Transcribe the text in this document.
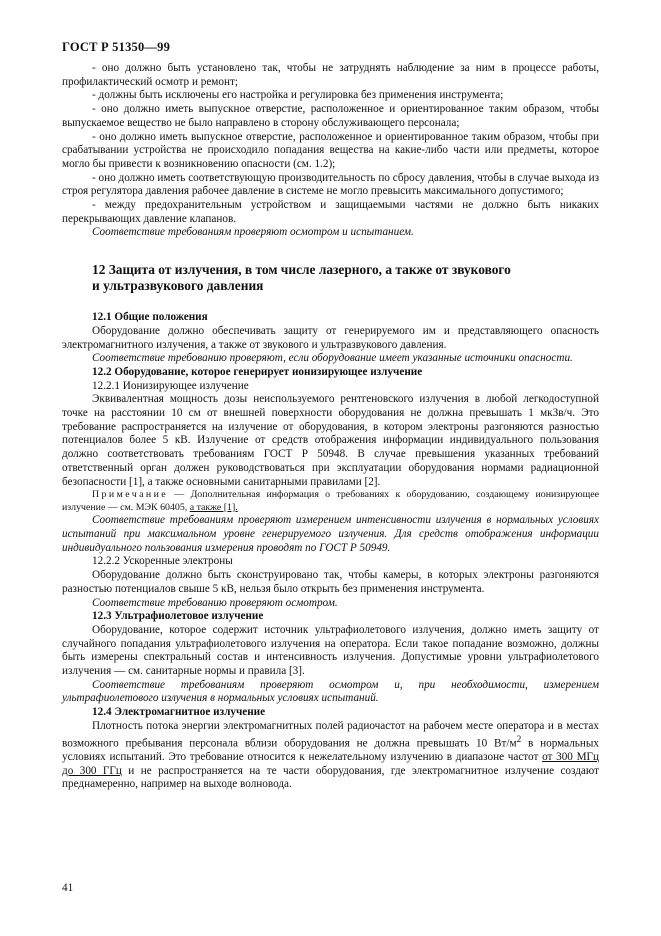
ГОСТ Р 51350—99

- оно должно быть установлено так, чтобы не затруднять наблюдение за ним в процессе работы, профилактический осмотр и ремонт;

- должны быть исключены его настройка и регулировка без применения инструмента;

- оно должно иметь выпускное отверстие, расположенное и ориентированное таким образом, чтобы выпускаемое вещество не было направлено в сторону обслуживающего персонала;

- оно должно иметь выпускное отверстие, расположенное и ориентированное таким образом, чтобы при срабатывании устройства не происходило попадания вещества на какие-либо части или предметы, которое могло бы привести к возникновению опасности (см. 1.2);

- оно должно иметь соответствующую производительность по сбросу давления, чтобы в случае выхода из строя регулятора давления рабочее давление в системе не могло превысить максимального допустимого;

- между предохранительным устройством и защищаемыми частями не должно быть никаких перекрывающих давление клапанов.

Соответствие требованиям проверяют осмотром и испытанием.

12 Защита от излучения, в том числе лазерного, а также от звукового
и ультразвукового давления

12.1 Общие положения

Оборудование должно обеспечивать защиту от генерируемого им и представляющего опасность электромагнитного излучения, а также от звукового и ультразвукового давления.

Соответствие требованию проверяют, если оборудование имеет указанные источники опасности.

12.2 Оборудование, которое генерирует ионизирующее излучение

12.2.1 Ионизирующее излучение

Эквивалентная мощность дозы неиспользуемого рентгеновского излучения в любой легкодоступной точке на расстоянии 10 см от внешней поверхности оборудования не должна превышать 1 мкЗв/ч. Это требование распространяется на излучение от оборудования, в котором электроны разгоняются разностью потенциалов более 5 кВ. Излучение от средств отображения информации индивидуального пользования должно соответствовать требованиям ГОСТ Р 50948. В случае превышения указанных требований ответственный орган должен руководствоваться при эксплуатации оборудования нормами радиационной безопасности [1], а также основными санитарными правилами [2].

Примечание — Дополнительная информация о требованиях к оборудованию, создающему ионизирующее излучение — см. МЭК 60405, а также [1].

Соответствие требованиям проверяют измерением интенсивности излучения в нормальных условиях испытаний при максимальном уровне генерируемого излучения. Для средств отображения информации индивидуального пользования измерения проводят по ГОСТ Р 50949.

12.2.2 Ускоренные электроны

Оборудование должно быть сконструировано так, чтобы камеры, в которых электроны разгоняются разностью потенциалов свыше 5 кВ, нельзя было открыть без применения инструмента.

Соответствие требованию проверяют осмотром.

12.3 Ультрафиолетовое излучение

Оборудование, которое содержит источник ультрафиолетового излучения, должно иметь защиту от случайного попадания ультрафиолетового излучения на оператора. Если такое попадание возможно, должны быть измерены спектральный состав и интенсивность излучения. Допустимые уровни ультрафиолетового излучения — см. санитарные нормы и правила [3].

Соответствие требованиям проверяют осмотром и, при необходимости, измерением ультрафиолетового излучения в нормальных условиях испытаний.

12.4 Электромагнитное излучение

Плотность потока энергии электромагнитных полей радиочастот на рабочем месте оператора и в местах возможного пребывания персонала вблизи оборудования не должна превышать 10 $Вт/м^2$ в нормальных условиях испытаний. Это требование относится к нежелательному излучению в диапазоне частот от 300 МГц до 300 ГГц и не распространяется на те части оборудования, где электромагнитное излучение создают преднамеренно, например на выходе волновода.

41
